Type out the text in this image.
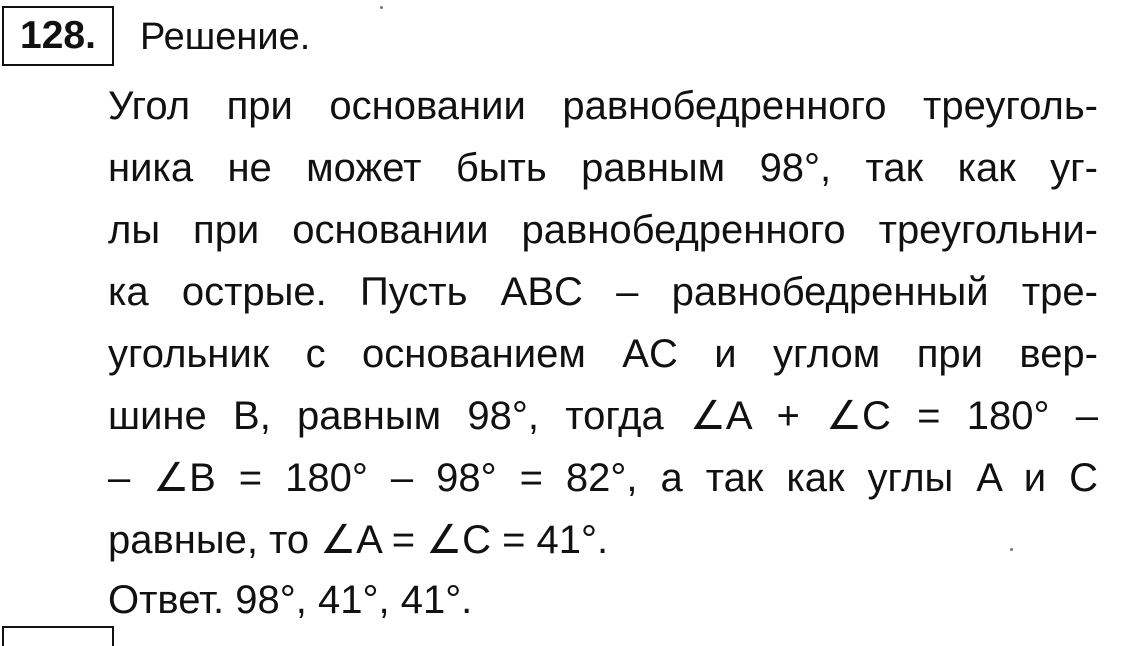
128. Решение.
Угол при основании равнобедренного треуголь-
ника не может быть равным 98°, так как уг-
лы при основании равнобедренного треугольни-
ка острые. Пусть ABC – равнобедренный тре-
угольник с основанием AC и углом при вер-
шине B, равным 98°, тогда ∠A + ∠C = 180° –
– ∠B = 180° – 98° = 82°, а так как углы A и C
равные, то ∠A = ∠C = 41°.
Ответ. 98°, 41°, 41°.
